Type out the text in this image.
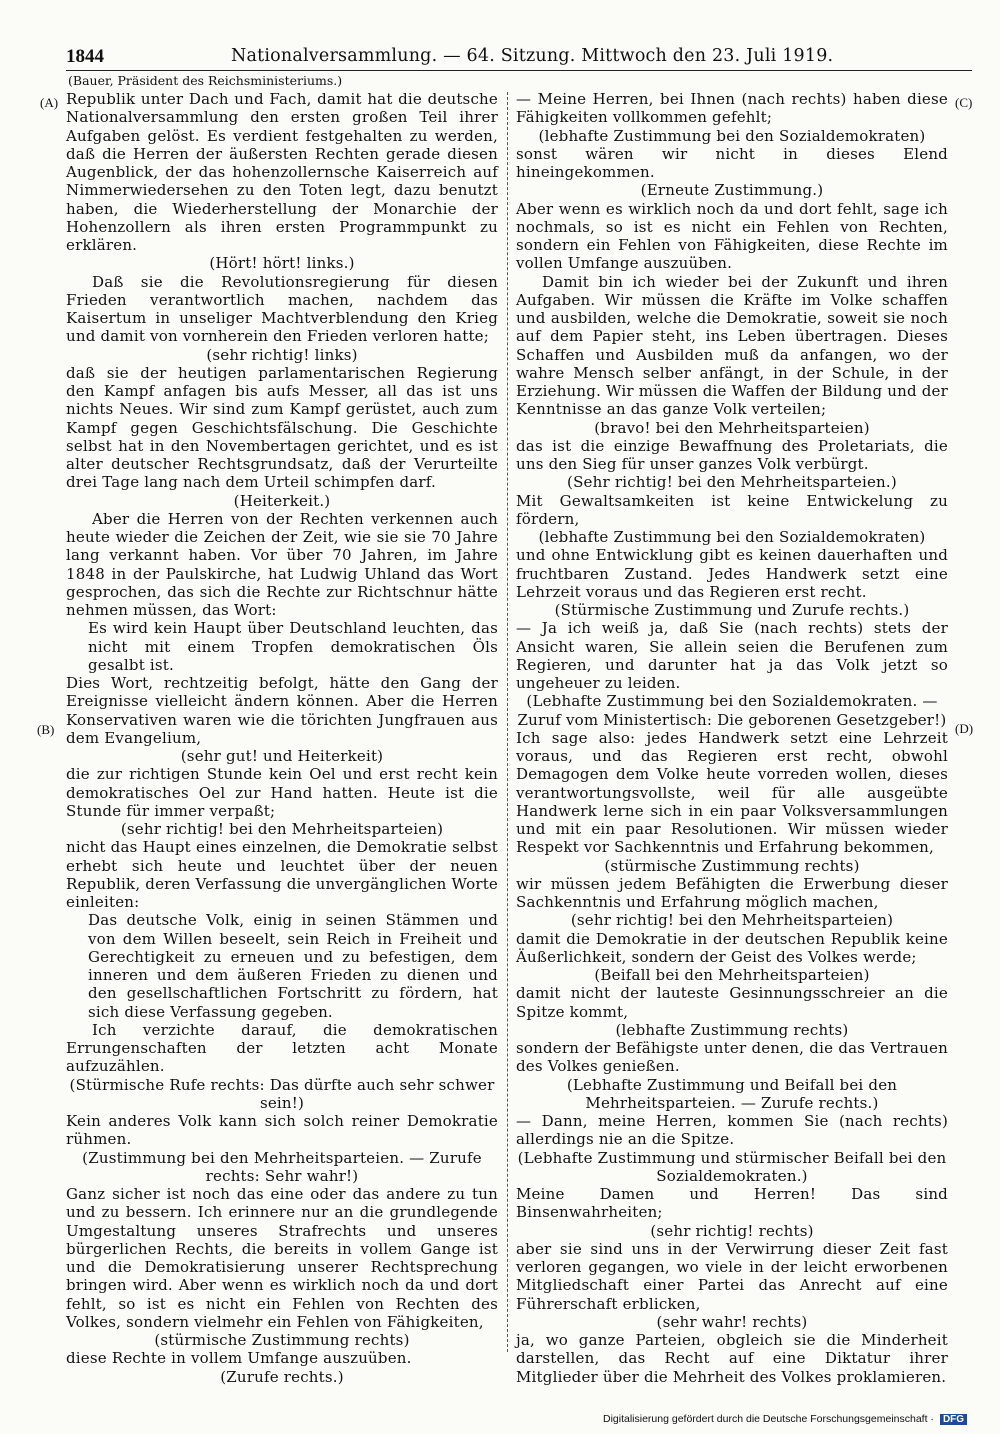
1844	Nationalversammlung. — 64. Sitzung. Mittwoch den 23. Juli 1919.
(Bauer, Präsident des Reichsministeriums.)
(A)
(B)
(C)
(D)

Republik unter Dach und Fach, damit hat die deutsche Nationalversammlung den ersten großen Teil ihrer Aufgaben gelöst. Es verdient festgehalten zu werden, daß die Herren der äußersten Rechten gerade diesen Augenblick, der das hohenzollernsche Kaiserreich auf Nimmerwiedersehen zu den Toten legt, dazu benutzt haben, die Wiederherstellung der Monarchie der Hohenzollern als ihren ersten Programmpunkt zu erklären.

(Hört! hört! links.)

Daß sie die Revolutionsregierung für diesen Frieden verantwortlich machen, nachdem das Kaisertum in unseliger Machtverblendung den Krieg und damit von vornherein den Frieden verloren hatte;

(sehr richtig! links)

daß sie der heutigen parlamentarischen Regierung den Kampf anfagen bis aufs Messer, all das ist uns nichts Neues. Wir sind zum Kampf gerüstet, auch zum Kampf gegen Geschichtsfälschung. Die Geschichte selbst hat in den Novembertagen gerichtet, und es ist alter deutscher Rechtsgrundsatz, daß der Verurteilte drei Tage lang nach dem Urteil schimpfen darf.

(Heiterkeit.)

Aber die Herren von der Rechten verkennen auch heute wieder die Zeichen der Zeit, wie sie sie 70 Jahre lang verkannt haben. Vor über 70 Jahren, im Jahre 1848 in der Paulskirche, hat Ludwig Uhland das Wort gesprochen, das sich die Rechte zur Richtschnur hätte nehmen müssen, das Wort:

Es wird kein Haupt über Deutschland leuchten, das nicht mit einem Tropfen demokratischen Öls gesalbt ist.

Dies Wort, rechtzeitig befolgt, hätte den Gang der Ereignisse vielleicht ändern können. Aber die Herren Konservativen waren wie die törichten Jungfrauen aus dem Evangelium,

(sehr gut! und Heiterkeit)

die zur richtigen Stunde kein Oel und erst recht kein demokratisches Oel zur Hand hatten. Heute ist die Stunde für immer verpaßt;

(sehr richtig! bei den Mehrheitsparteien)

nicht das Haupt eines einzelnen, die Demokratie selbst erhebt sich heute und leuchtet über der neuen Republik, deren Verfassung die unvergänglichen Worte einleiten:

Das deutsche Volk, einig in seinen Stämmen und von dem Willen beseelt, sein Reich in Freiheit und Gerechtigkeit zu erneuen und zu befestigen, dem inneren und dem äußeren Frieden zu dienen und den gesellschaftlichen Fortschritt zu fördern, hat sich diese Verfassung gegeben.

Ich verzichte darauf, die demokratischen Errungenschaften der letzten acht Monate aufzuzählen.

(Stürmische Rufe rechts: Das dürfte auch sehr schwer sein!)

Kein anderes Volk kann sich solch reiner Demokratie rühmen.

(Zustimmung bei den Mehrheitsparteien. — Zurufe rechts: Sehr wahr!)

Ganz sicher ist noch das eine oder das andere zu tun und zu bessern. Ich erinnere nur an die grundlegende Umgestaltung unseres Strafrechts und unseres bürgerlichen Rechts, die bereits in vollem Gange ist und die Demokratisierung unserer Rechtsprechung bringen wird. Aber wenn es wirklich noch da und dort fehlt, so ist es nicht ein Fehlen von Rechten des Volkes, sondern vielmehr ein Fehlen von Fähigkeiten,

(stürmische Zustimmung rechts)

diese Rechte in vollem Umfange auszuüben.

(Zurufe rechts.)

— Meine Herren, bei Ihnen (nach rechts) haben diese Fähigkeiten vollkommen gefehlt;

(lebhafte Zustimmung bei den Sozialdemokraten)

sonst wären wir nicht in dieses Elend hineingekommen.

(Erneute Zustimmung.)

Aber wenn es wirklich noch da und dort fehlt, sage ich nochmals, so ist es nicht ein Fehlen von Rechten, sondern ein Fehlen von Fähigkeiten, diese Rechte im vollen Umfange auszuüben.

Damit bin ich wieder bei der Zukunft und ihren Aufgaben. Wir müssen die Kräfte im Volke schaffen und ausbilden, welche die Demokratie, soweit sie noch auf dem Papier steht, ins Leben übertragen. Dieses Schaffen und Ausbilden muß da anfangen, wo der wahre Mensch selber anfängt, in der Schule, in der Erziehung. Wir müssen die Waffen der Bildung und der Kenntnisse an das ganze Volk verteilen;

(bravo! bei den Mehrheitsparteien)

das ist die einzige Bewaffnung des Proletariats, die uns den Sieg für unser ganzes Volk verbürgt.

(Sehr richtig! bei den Mehrheitsparteien.)

Mit Gewaltsamkeiten ist keine Entwickelung zu fördern,

(lebhafte Zustimmung bei den Sozialdemokraten)

und ohne Entwicklung gibt es keinen dauerhaften und fruchtbaren Zustand. Jedes Handwerk setzt eine Lehrzeit voraus und das Regieren erst recht.

(Stürmische Zustimmung und Zurufe rechts.)

— Ja ich weiß ja, daß Sie (nach rechts) stets der Ansicht waren, Sie allein seien die Berufenen zum Regieren, und darunter hat ja das Volk jetzt so ungeheuer zu leiden.

(Lebhafte Zustimmung bei den Sozialdemokraten. — Zuruf vom Ministertisch: Die geborenen Gesetzgeber!)

Ich sage also: jedes Handwerk setzt eine Lehrzeit voraus, und das Regieren erst recht, obwohl Demagogen dem Volke heute vorreden wollen, dieses verantwortungsvollste, weil für alle ausgeübte Handwerk lerne sich in ein paar Volksversammlungen und mit ein paar Resolutionen. Wir müssen wieder Respekt vor Sachkenntnis und Erfahrung bekommen,

(stürmische Zustimmung rechts)

wir müssen jedem Befähigten die Erwerbung dieser Sachkenntnis und Erfahrung möglich machen,

(sehr richtig! bei den Mehrheitsparteien)

damit die Demokratie in der deutschen Republik keine Äußerlichkeit, sondern der Geist des Volkes werde;

(Beifall bei den Mehrheitsparteien)

damit nicht der lauteste Gesinnungsschreier an die Spitze kommt,

(lebhafte Zustimmung rechts)

sondern der Befähigste unter denen, die das Vertrauen des Volkes genießen.

(Lebhafte Zustimmung und Beifall bei den Mehrheitsparteien. — Zurufe rechts.)

— Dann, meine Herren, kommen Sie (nach rechts) allerdings nie an die Spitze.

(Lebhafte Zustimmung und stürmischer Beifall bei den Sozialdemokraten.)

Meine Damen und Herren! Das sind Binsenwahrheiten;

(sehr richtig! rechts)

aber sie sind uns in der Verwirrung dieser Zeit fast verloren gegangen, wo viele in der leicht erworbenen Mitgliedschaft einer Partei das Anrecht auf eine Führerschaft erblicken,

(sehr wahr! rechts)

ja, wo ganze Parteien, obgleich sie die Minderheit darstellen, das Recht auf eine Diktatur ihrer Mitglieder über die Mehrheit des Volkes proklamieren.

Digitalisierung gefördert durch die Deutsche Forschungsgemeinschaft · DFG
